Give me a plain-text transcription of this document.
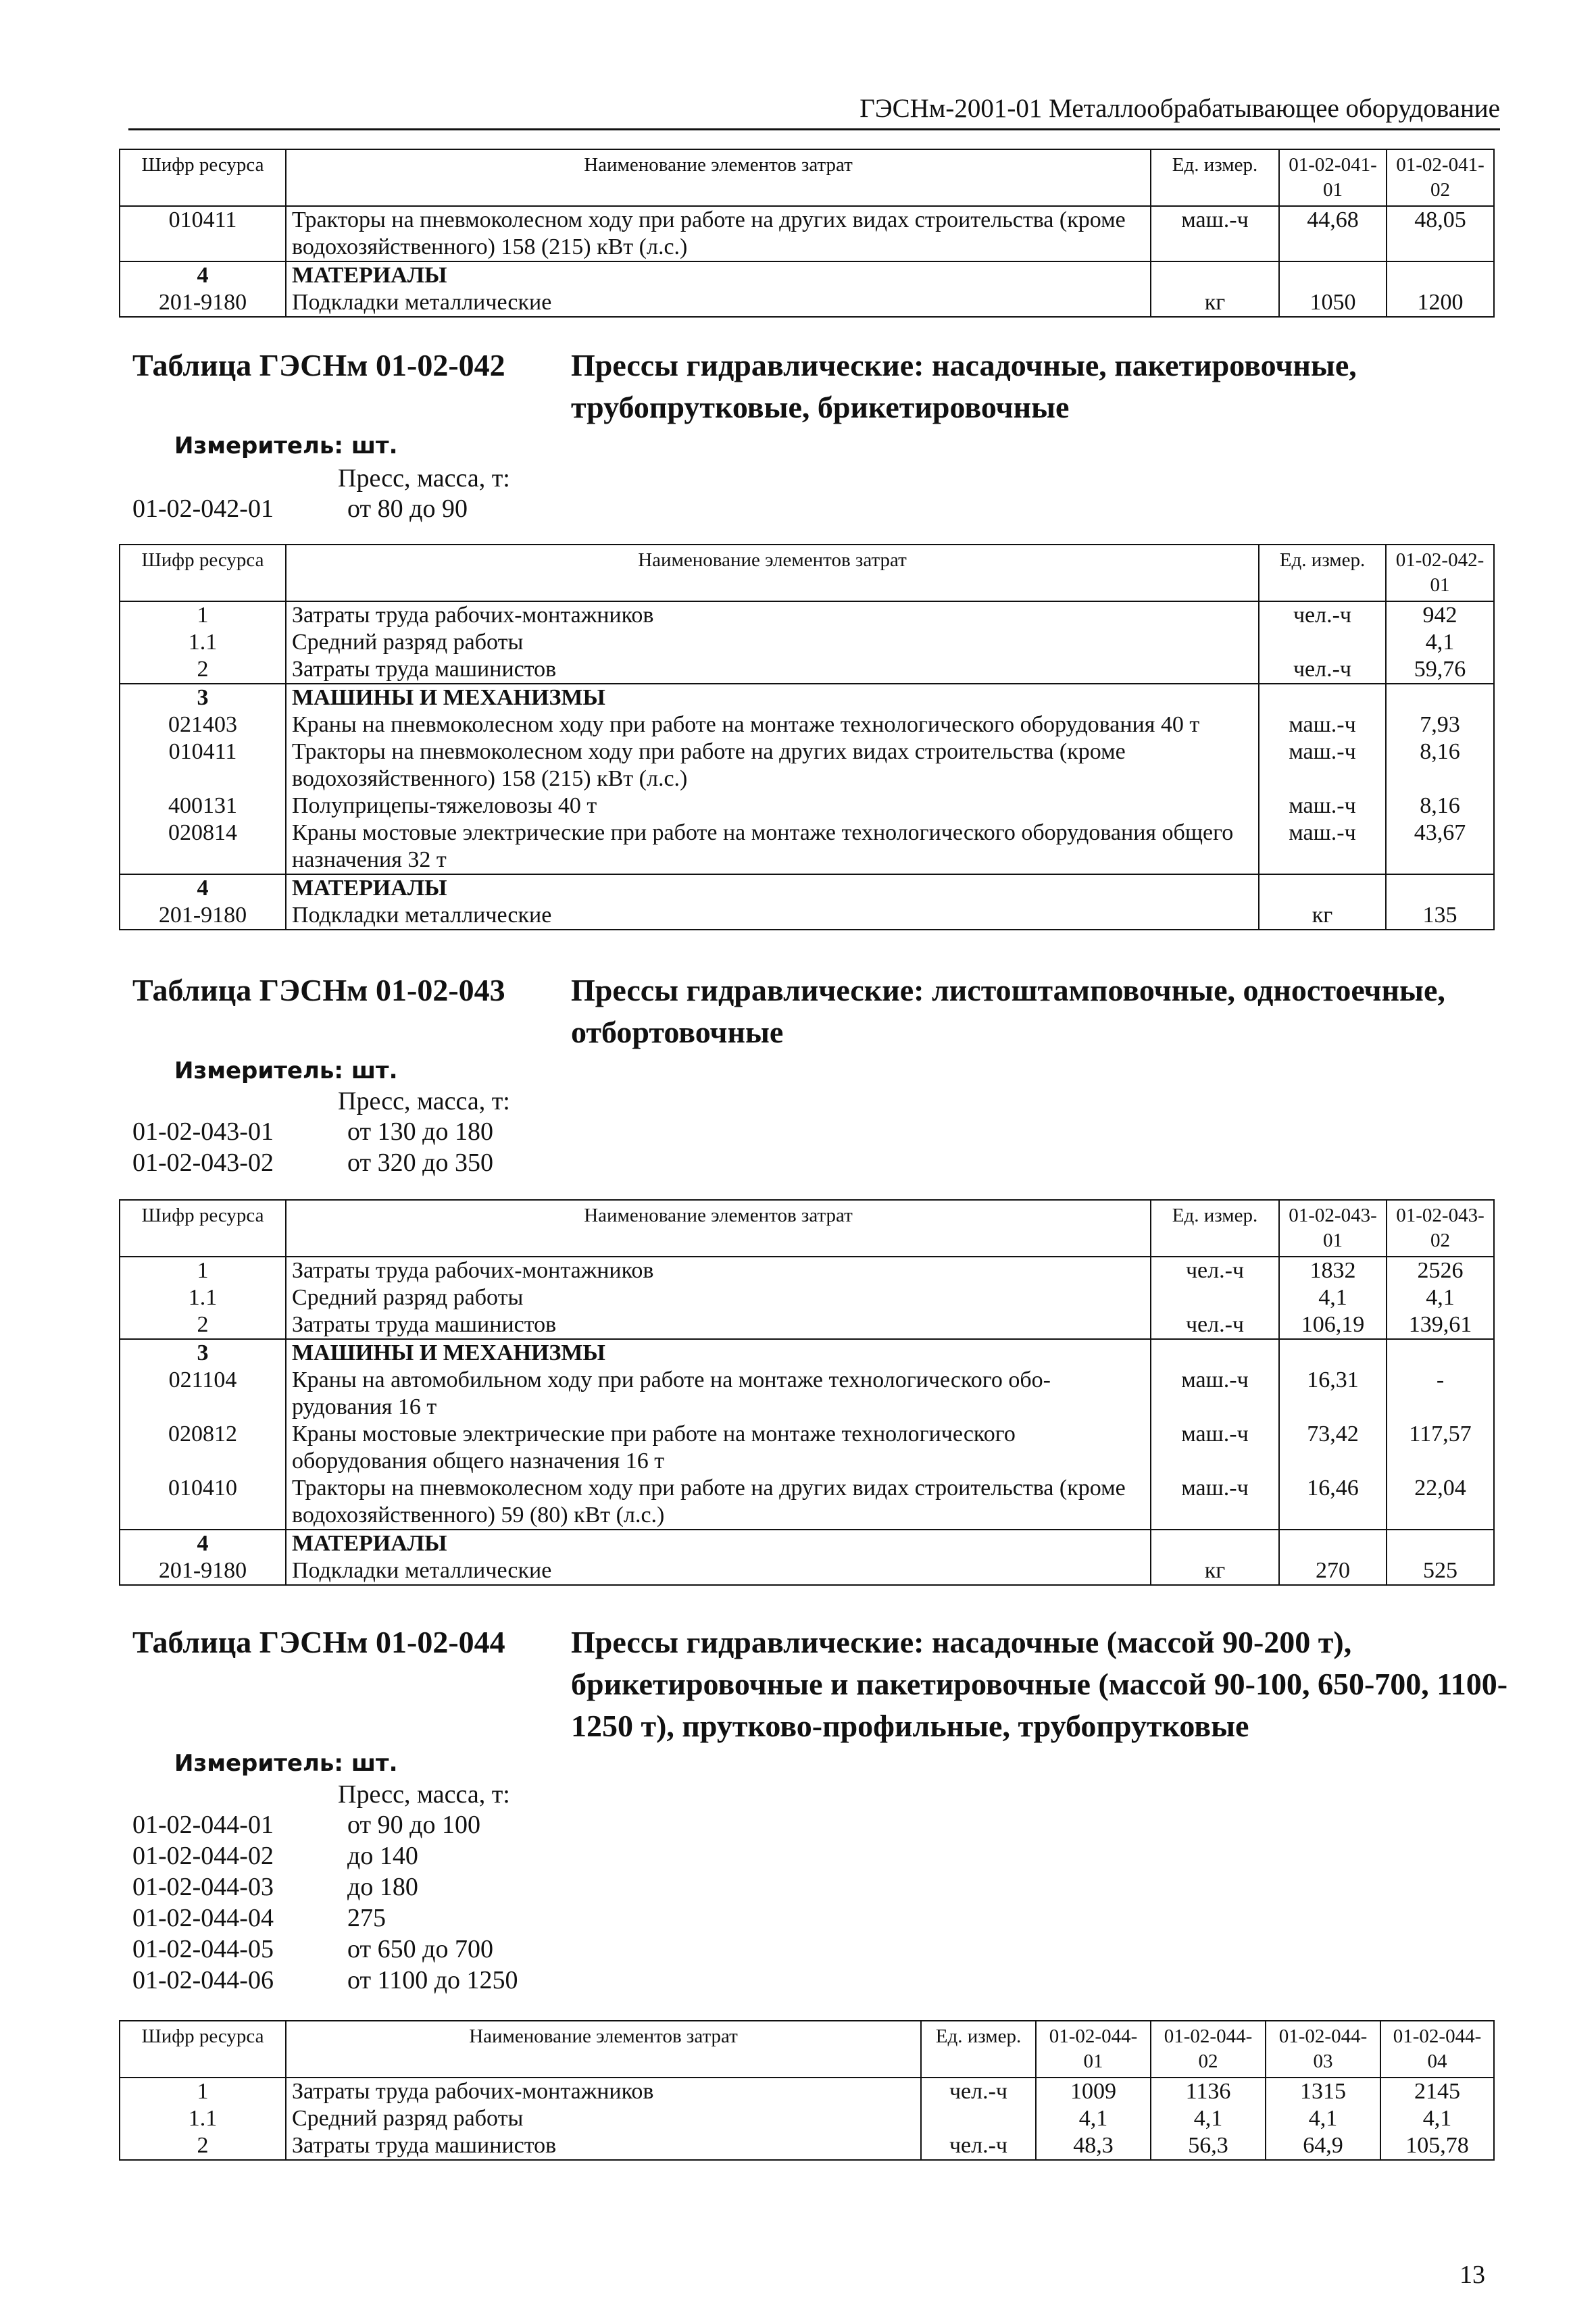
ГЭСНм-2001-01 Металлообрабатывающее оборудование
Шифр ресурса	Наименование элементов затрат	Ед. измер.	01-02-041-01	01-02-041-02
010411	Тракторы на пневмоколесном ходу при работе на других видах строительства (кроме водохозяйственного) 158 (215) кВт (л.с.)	маш.-ч	44,68	48,05
4	МАТЕРИАЛЫ			
201-9180	Подкладки металлические	кг	1050	1200
Таблица ГЭСНм 01-02-042 Прессы гидравлические: насадочные, пакетировочные, трубопрутковые, брикетировочные
Измеритель: шт.
Пресс, масса, т:
01-02-042-01	от 80 до 90
Шифр ресурса	Наименование элементов затрат	Ед. измер.	01-02-042-01
1	Затраты труда рабочих-монтажников	чел.-ч	942
1.1	Средний разряд работы		4,1
2	Затраты труда машинистов	чел.-ч	59,76
3	МАШИНЫ И МЕХАНИЗМЫ		
021403	Краны на пневмоколесном ходу при работе на монтаже технологического оборудования 40 т	маш.-ч	7,93
010411	Тракторы на пневмоколесном ходу при работе на других видах строительства (кроме водохозяйственного) 158 (215) кВт (л.с.)	маш.-ч	8,16
400131	Полуприцепы-тяжеловозы 40 т	маш.-ч	8,16
020814	Краны мостовые электрические при работе на монтаже технологического оборудования общего назначения 32 т	маш.-ч	43,67
4	МАТЕРИАЛЫ		
201-9180	Подкладки металлические	кг	135
Таблица ГЭСНм 01-02-043 Прессы гидравлические: листоштамповочные, одностоечные, отбортовочные
Измеритель: шт.
Пресс, масса, т:
01-02-043-01	от 130 до 180
01-02-043-02	от 320 до 350
Шифр ресурса	Наименование элементов затрат	Ед. измер.	01-02-043-01	01-02-043-02
1	Затраты труда рабочих-монтажников	чел.-ч	1832	2526
1.1	Средний разряд работы		4,1	4,1
2	Затраты труда машинистов	чел.-ч	106,19	139,61
3	МАШИНЫ И МЕХАНИЗМЫ			
021104	Краны на автомобильном ходу при работе на монтаже технологического обо-рудования 16 т	маш.-ч	16,31	-
020812	Краны мостовые электрические при работе на монтаже технологического оборудования общего назначения 16 т	маш.-ч	73,42	117,57
010410	Тракторы на пневмоколесном ходу при работе на других видах строительства (кроме водохозяйственного) 59 (80) кВт (л.с.)	маш.-ч	16,46	22,04
4	МАТЕРИАЛЫ			
201-9180	Подкладки металлические	кг	270	525
Таблица ГЭСНм 01-02-044 Прессы гидравлические: насадочные (массой 90-200 т), брикетировочные и пакетировочные (массой 90-100, 650-700, 1100-1250 т), прутково-профильные, трубопрутковые
Измеритель: шт.
Пресс, масса, т:
01-02-044-01	от 90 до 100
01-02-044-02	до 140
01-02-044-03	до 180
01-02-044-04	275
01-02-044-05	от 650 до 700
01-02-044-06	от 1100 до 1250
Шифр ресурса	Наименование элементов затрат	Ед. измер.	01-02-044-01	01-02-044-02	01-02-044-03	01-02-044-04
1	Затраты труда рабочих-монтажников	чел.-ч	1009	1136	1315	2145
1.1	Средний разряд работы		4,1	4,1	4,1	4,1
2	Затраты труда машинистов	чел.-ч	48,3	56,3	64,9	105,78
13
